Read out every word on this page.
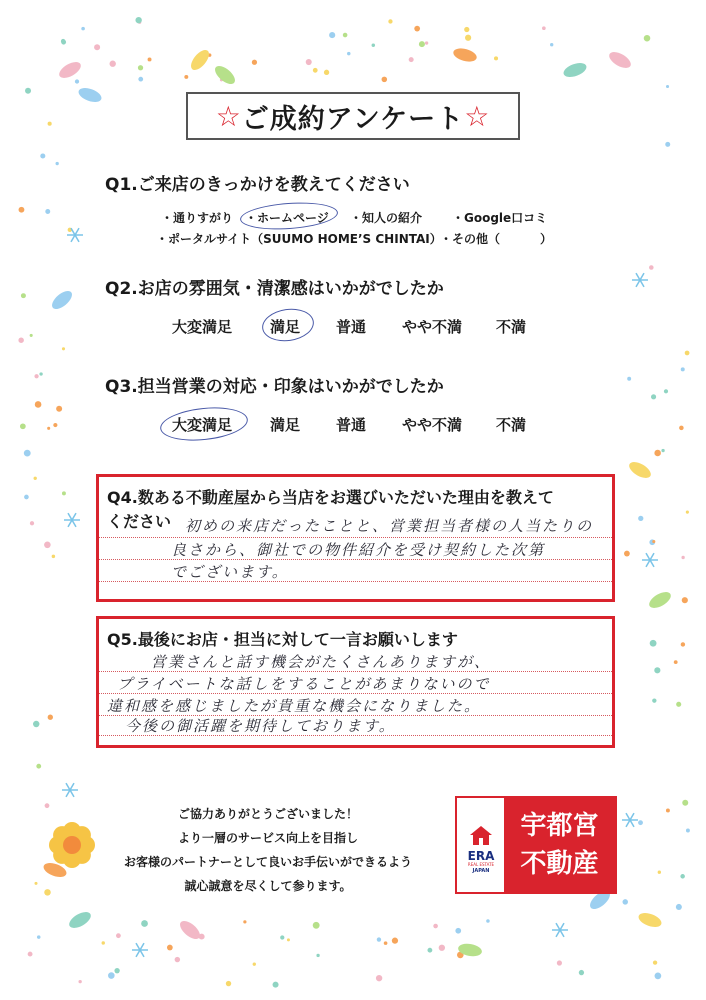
☆ ご成約アンケート ☆
Q1.ご来店のきっかけを教えてください
・通りすがり ・ホームページ ・知人の紹介 ・Google口コミ
・ポータルサイト（SUUMO HOME’S CHINTAI）
・その他（	）
Q2.お店の雰囲気・清潔感はいかがでしたか
大変満足	満足 普通 やや不満 不満
Q3.担当営業の対応・印象はいかがでしたか
大変満足	満足 普通 やや不満 不満
Q4.数ある不動産屋から当店をお選びいただいた理由を教えて
ください 初めの来店だったことと、営業担当者様の人当たりの
良さから、御社での物件紹介を受け契約した次第
でございます。
Q5.最後にお店・担当に対して一言お願いします
営業さんと話す機会がたくさんありますが、
プライベートな話しをすることがあまりないので
違和感を感じましたが貴重な機会になりました。
今後の御活躍を期待しております。
ご協力ありがとうございました！
より一層のサービス向上を目指し
お客様のパートナーとして良いお手伝いができるよう
誠心誠意を尽くして参ります。
ERA
REAL ESTATE
JAPAN
宇都宮
不動産
